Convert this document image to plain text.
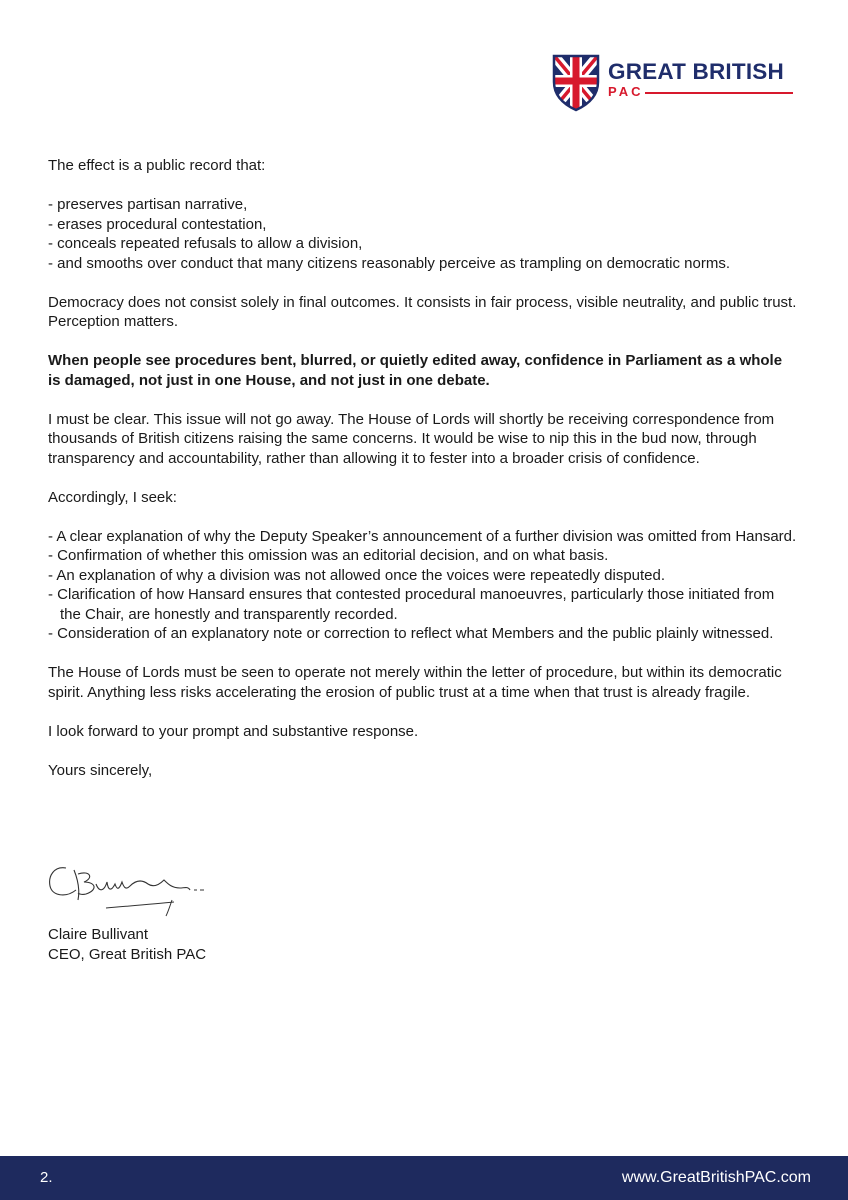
GREAT BRITISH
PAC

The effect is a public record that:

- preserves partisan narrative,
- erases procedural contestation,
- conceals repeated refusals to allow a division,
- and smooths over conduct that many citizens reasonably perceive as trampling on democratic norms.

Democracy does not consist solely in final outcomes. It consists in fair process, visible neutrality, and public trust. Perception matters.

When people see procedures bent, blurred, or quietly edited away, confidence in Parliament as a whole is damaged, not just in one House, and not just in one debate.

I must be clear. This issue will not go away. The House of Lords will shortly be receiving correspondence from thousands of British citizens raising the same concerns. It would be wise to nip this in the bud now, through transparency and accountability, rather than allowing it to fester into a broader crisis of confidence.

Accordingly, I seek:

- A clear explanation of why the Deputy Speaker’s announcement of a further division was omitted from Hansard.
- Confirmation of whether this omission was an editorial decision, and on what basis.
- An explanation of why a division was not allowed once the voices were repeatedly disputed.
- Clarification of how Hansard ensures that contested procedural manoeuvres, particularly those initiated from the Chair, are honestly and transparently recorded.
- Consideration of an explanatory note or correction to reflect what Members and the public plainly witnessed.

The House of Lords must be seen to operate not merely within the letter of procedure, but within its democratic spirit. Anything less risks accelerating the erosion of public trust at a time when that trust is already fragile.

I look forward to your prompt and substantive response.

Yours sincerely,

Claire Bullivant
CEO, Great British PAC
2.	www.GreatBritishPAC.com
